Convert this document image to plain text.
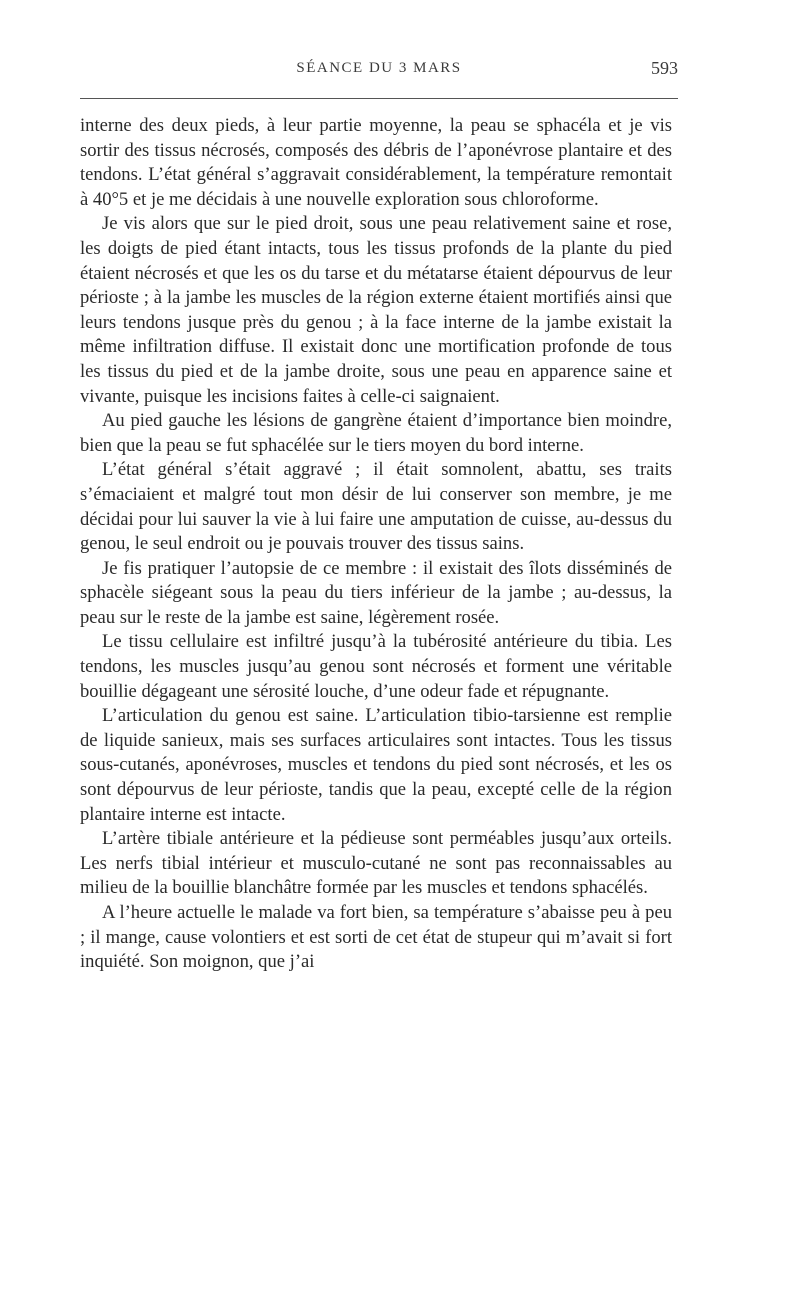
SÉANCE DU 3 MARS	593

interne des deux pieds, à leur partie moyenne, la peau se sphacéla et je vis sortir des tissus nécrosés, composés des débris de l’aponévrose plantaire et des tendons. L’état général s’aggravait considérablement, la température remontait à 40°5 et je me décidais à une nouvelle exploration sous chloroforme.

Je vis alors que sur le pied droit, sous une peau relativement saine et rose, les doigts de pied étant intacts, tous les tissus profonds de la plante du pied étaient nécrosés et que les os du tarse et du métatarse étaient dépourvus de leur périoste ; à la jambe les muscles de la région externe étaient mortifiés ainsi que leurs tendons jusque près du genou ; à la face interne de la jambe existait la même infiltration diffuse. Il existait donc une mortification profonde de tous les tissus du pied et de la jambe droite, sous une peau en apparence saine et vivante, puisque les incisions faites à celle-ci saignaient.

Au pied gauche les lésions de gangrène étaient d’importance bien moindre, bien que la peau se fut sphacélée sur le tiers moyen du bord interne.

L’état général s’était aggravé ; il était somnolent, abattu, ses traits s’émaciaient et malgré tout mon désir de lui conserver son membre, je me décidai pour lui sauver la vie à lui faire une amputation de cuisse, au-dessus du genou, le seul endroit ou je pouvais trouver des tissus sains.

Je fis pratiquer l’autopsie de ce membre : il existait des îlots disséminés de sphacèle siégeant sous la peau du tiers inférieur de la jambe ; au-dessus, la peau sur le reste de la jambe est saine, légèrement rosée.

Le tissu cellulaire est infiltré jusqu’à la tubérosité antérieure du tibia. Les tendons, les muscles jusqu’au genou sont nécrosés et forment une véritable bouillie dégageant une sérosité louche, d’une odeur fade et répugnante.

L’articulation du genou est saine. L’articulation tibio-tarsienne est remplie de liquide sanieux, mais ses surfaces articulaires sont intactes. Tous les tissus sous-cutanés, aponévroses, muscles et tendons du pied sont nécrosés, et les os sont dépourvus de leur périoste, tandis que la peau, excepté celle de la région plantaire interne est intacte.

L’artère tibiale antérieure et la pédieuse sont perméables jusqu’aux orteils. Les nerfs tibial intérieur et musculo-cutané ne sont pas reconnaissables au milieu de la bouillie blanchâtre formée par les muscles et tendons sphacélés.

A l’heure actuelle le malade va fort bien, sa température s’abaisse peu à peu ; il mange, cause volontiers et est sorti de cet état de stupeur qui m’avait si fort inquiété. Son moignon, que j’ai
